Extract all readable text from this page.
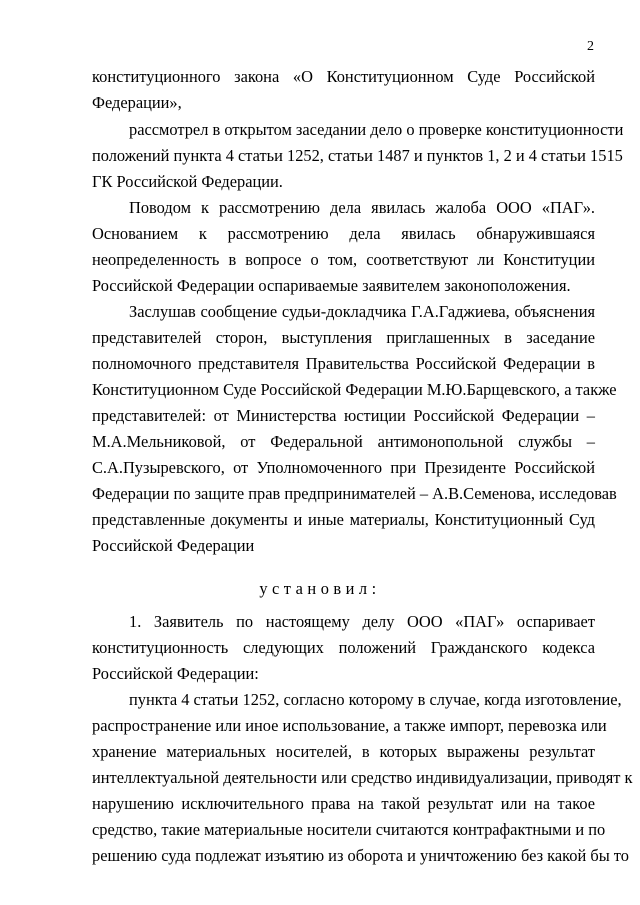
2
конституционного закона «О Конституционном Суде Российской
Федерации»,
рассмотрел в открытом заседании дело о проверке конституционности
положений пункта 4 статьи 1252, статьи 1487 и пунктов 1, 2 и 4 статьи 1515
ГК Российской Федерации.
Поводом к рассмотрению дела явилась жалоба ООО «ПАГ».
Основанием к рассмотрению дела явилась обнаружившаяся
неопределенность в вопросе о том, соответствуют ли Конституции
Российской Федерации оспариваемые заявителем законоположения.
Заслушав сообщение судьи-докладчика Г.А.Гаджиева, объяснения
представителей сторон, выступления приглашенных в заседание
полномочного представителя Правительства Российской Федерации в
Конституционном Суде Российской Федерации М.Ю.Барщевского, а также
представителей: от Министерства юстиции Российской Федерации –
М.А.Мельниковой, от Федеральной антимонопольной службы –
С.А.Пузыревского, от Уполномоченного при Президенте Российской
Федерации по защите прав предпринимателей – А.В.Семенова, исследовав
представленные документы и иные материалы, Конституционный Суд
Российской Федерации
установил:
1. Заявитель по настоящему делу ООО «ПАГ» оспаривает
конституционность следующих положений Гражданского кодекса
Российской Федерации:
пункта 4 статьи 1252, согласно которому в случае, когда изготовление,
распространение или иное использование, а также импорт, перевозка или
хранение материальных носителей, в которых выражены результат
интеллектуальной деятельности или средство индивидуализации, приводят к
нарушению исключительного права на такой результат или на такое
средство, такие материальные носители считаются контрафактными и по
решению суда подлежат изъятию из оборота и уничтожению без какой бы то
